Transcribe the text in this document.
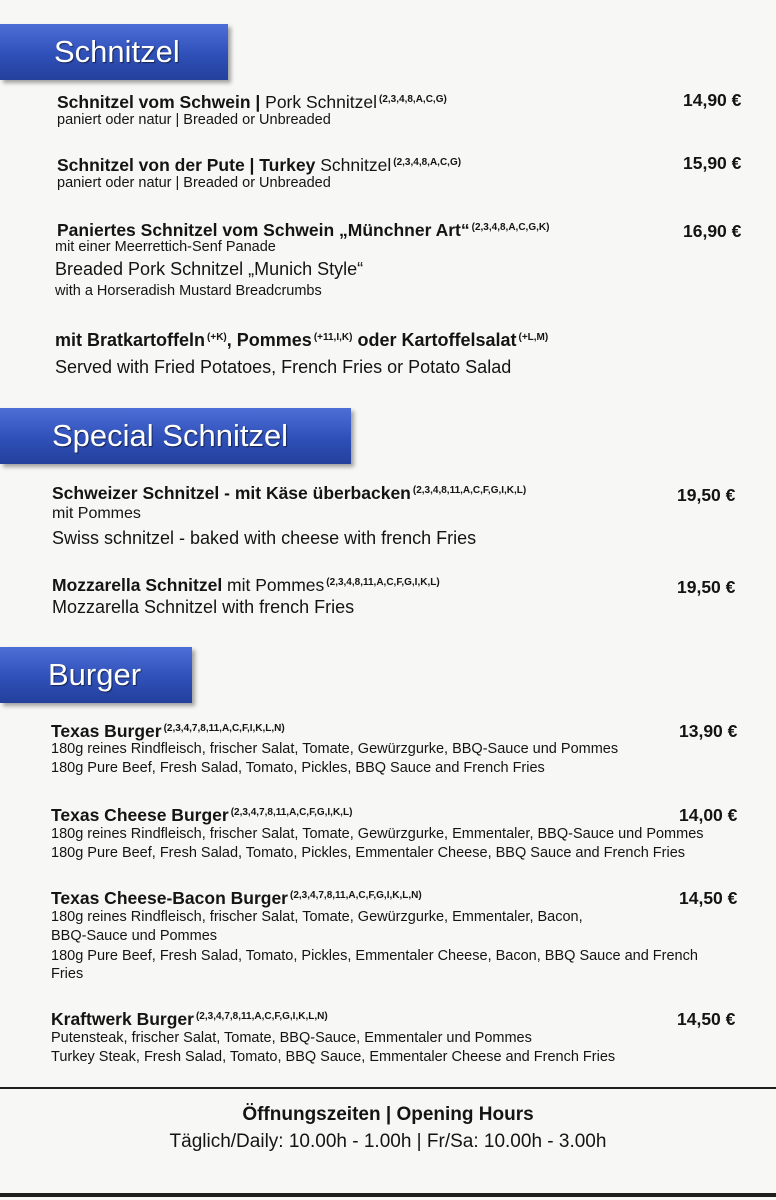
Schnitzel
Schnitzel vom Schwein | Pork Schnitzel $^{(2,3,4,8,A,C,G)}$	14,90 €
paniert oder natur | Breaded or Unbreaded
Schnitzel von der Pute | Turkey Schnitzel $^{(2,3,4,8,A,C,G)}$	15,90 €
paniert oder natur | Breaded or Unbreaded
Paniertes Schnitzel vom Schwein „Münchner Art“ $^{(2,3,4,8,A,C,G,K)}$	16,90 €
mit einer Meerrettich-Senf Panade
Breaded Pork Schnitzel „Munich Style“
with a Horseradish Mustard Breadcrumbs
mit Bratkartoffeln $^{(+K)}$, Pommes $^{(+11,I,K)}$ oder Kartoffelsalat $^{(+L,M)}$
Served with Fried Potatoes, French Fries or Potato Salad
Special Schnitzel
Schweizer Schnitzel - mit Käse überbacken $^{(2,3,4,8,11,A,C,F,G,I,K,L)}$	19,50 €
mit Pommes
Swiss schnitzel - baked with cheese with french Fries
Mozzarella Schnitzel mit Pommes $^{(2,3,4,8,11,A,C,F,G,I,K,L)}$	19,50 €
Mozzarella Schnitzel with french Fries
Burger
Texas Burger $^{(2,3,4,7,8,11,A,C,F,I,K,L,N)}$	13,90 €
180g reines Rindfleisch, frischer Salat, Tomate, Gewürzgurke, BBQ-Sauce und Pommes
180g Pure Beef, Fresh Salad, Tomato, Pickles, BBQ Sauce and French Fries
Texas Cheese Burger $^{(2,3,4,7,8,11,A,C,F,G,I,K,L)}$	14,00 €
180g reines Rindfleisch, frischer Salat, Tomate, Gewürzgurke, Emmentaler, BBQ-Sauce und Pommes
180g Pure Beef, Fresh Salad, Tomato, Pickles, Emmentaler Cheese, BBQ Sauce and French Fries
Texas Cheese-Bacon Burger $^{(2,3,4,7,8,11,A,C,F,G,I,K,L,N)}$	14,50 €
180g reines Rindfleisch, frischer Salat, Tomate, Gewürzgurke, Emmentaler, Bacon,
BBQ-Sauce und Pommes
180g Pure Beef, Fresh Salad, Tomato, Pickles, Emmentaler Cheese, Bacon, BBQ Sauce and French
Fries
Kraftwerk Burger $^{(2,3,4,7,8,11,A,C,F,G,I,K,L,N)}$	14,50 €
Putensteak, frischer Salat, Tomate, BBQ-Sauce, Emmentaler und Pommes
Turkey Steak, Fresh Salad, Tomato, BBQ Sauce, Emmentaler Cheese and French Fries
Öffnungszeiten | Opening Hours
Täglich/Daily: 10.00h - 1.00h | Fr/Sa: 10.00h - 3.00h
